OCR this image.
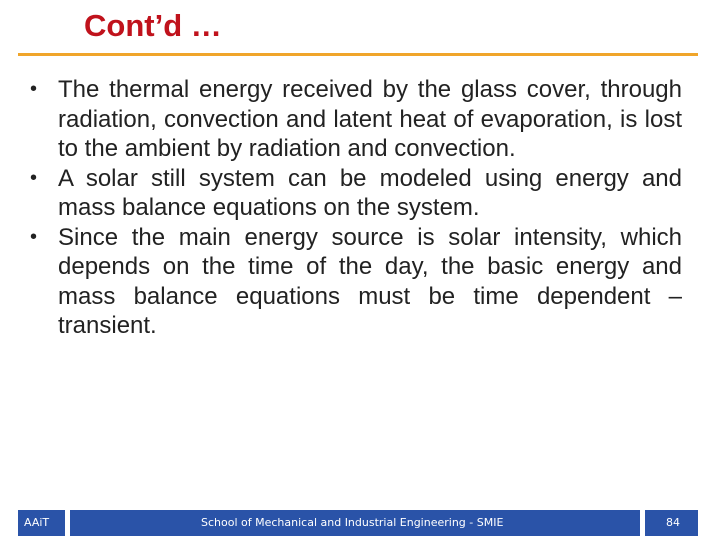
Cont’d …
• The thermal energy received by the glass cover, through radiation, convection and latent heat of evaporation, is lost to the ambient by radiation and convection.
• A solar still system can be modeled using energy and mass balance equations on the system.
• Since the main energy source is solar intensity, which depends on the time of the day, the basic energy and mass balance equations must be time dependent – transient.
AAiT	School of Mechanical and Industrial Engineering - SMIE	84
